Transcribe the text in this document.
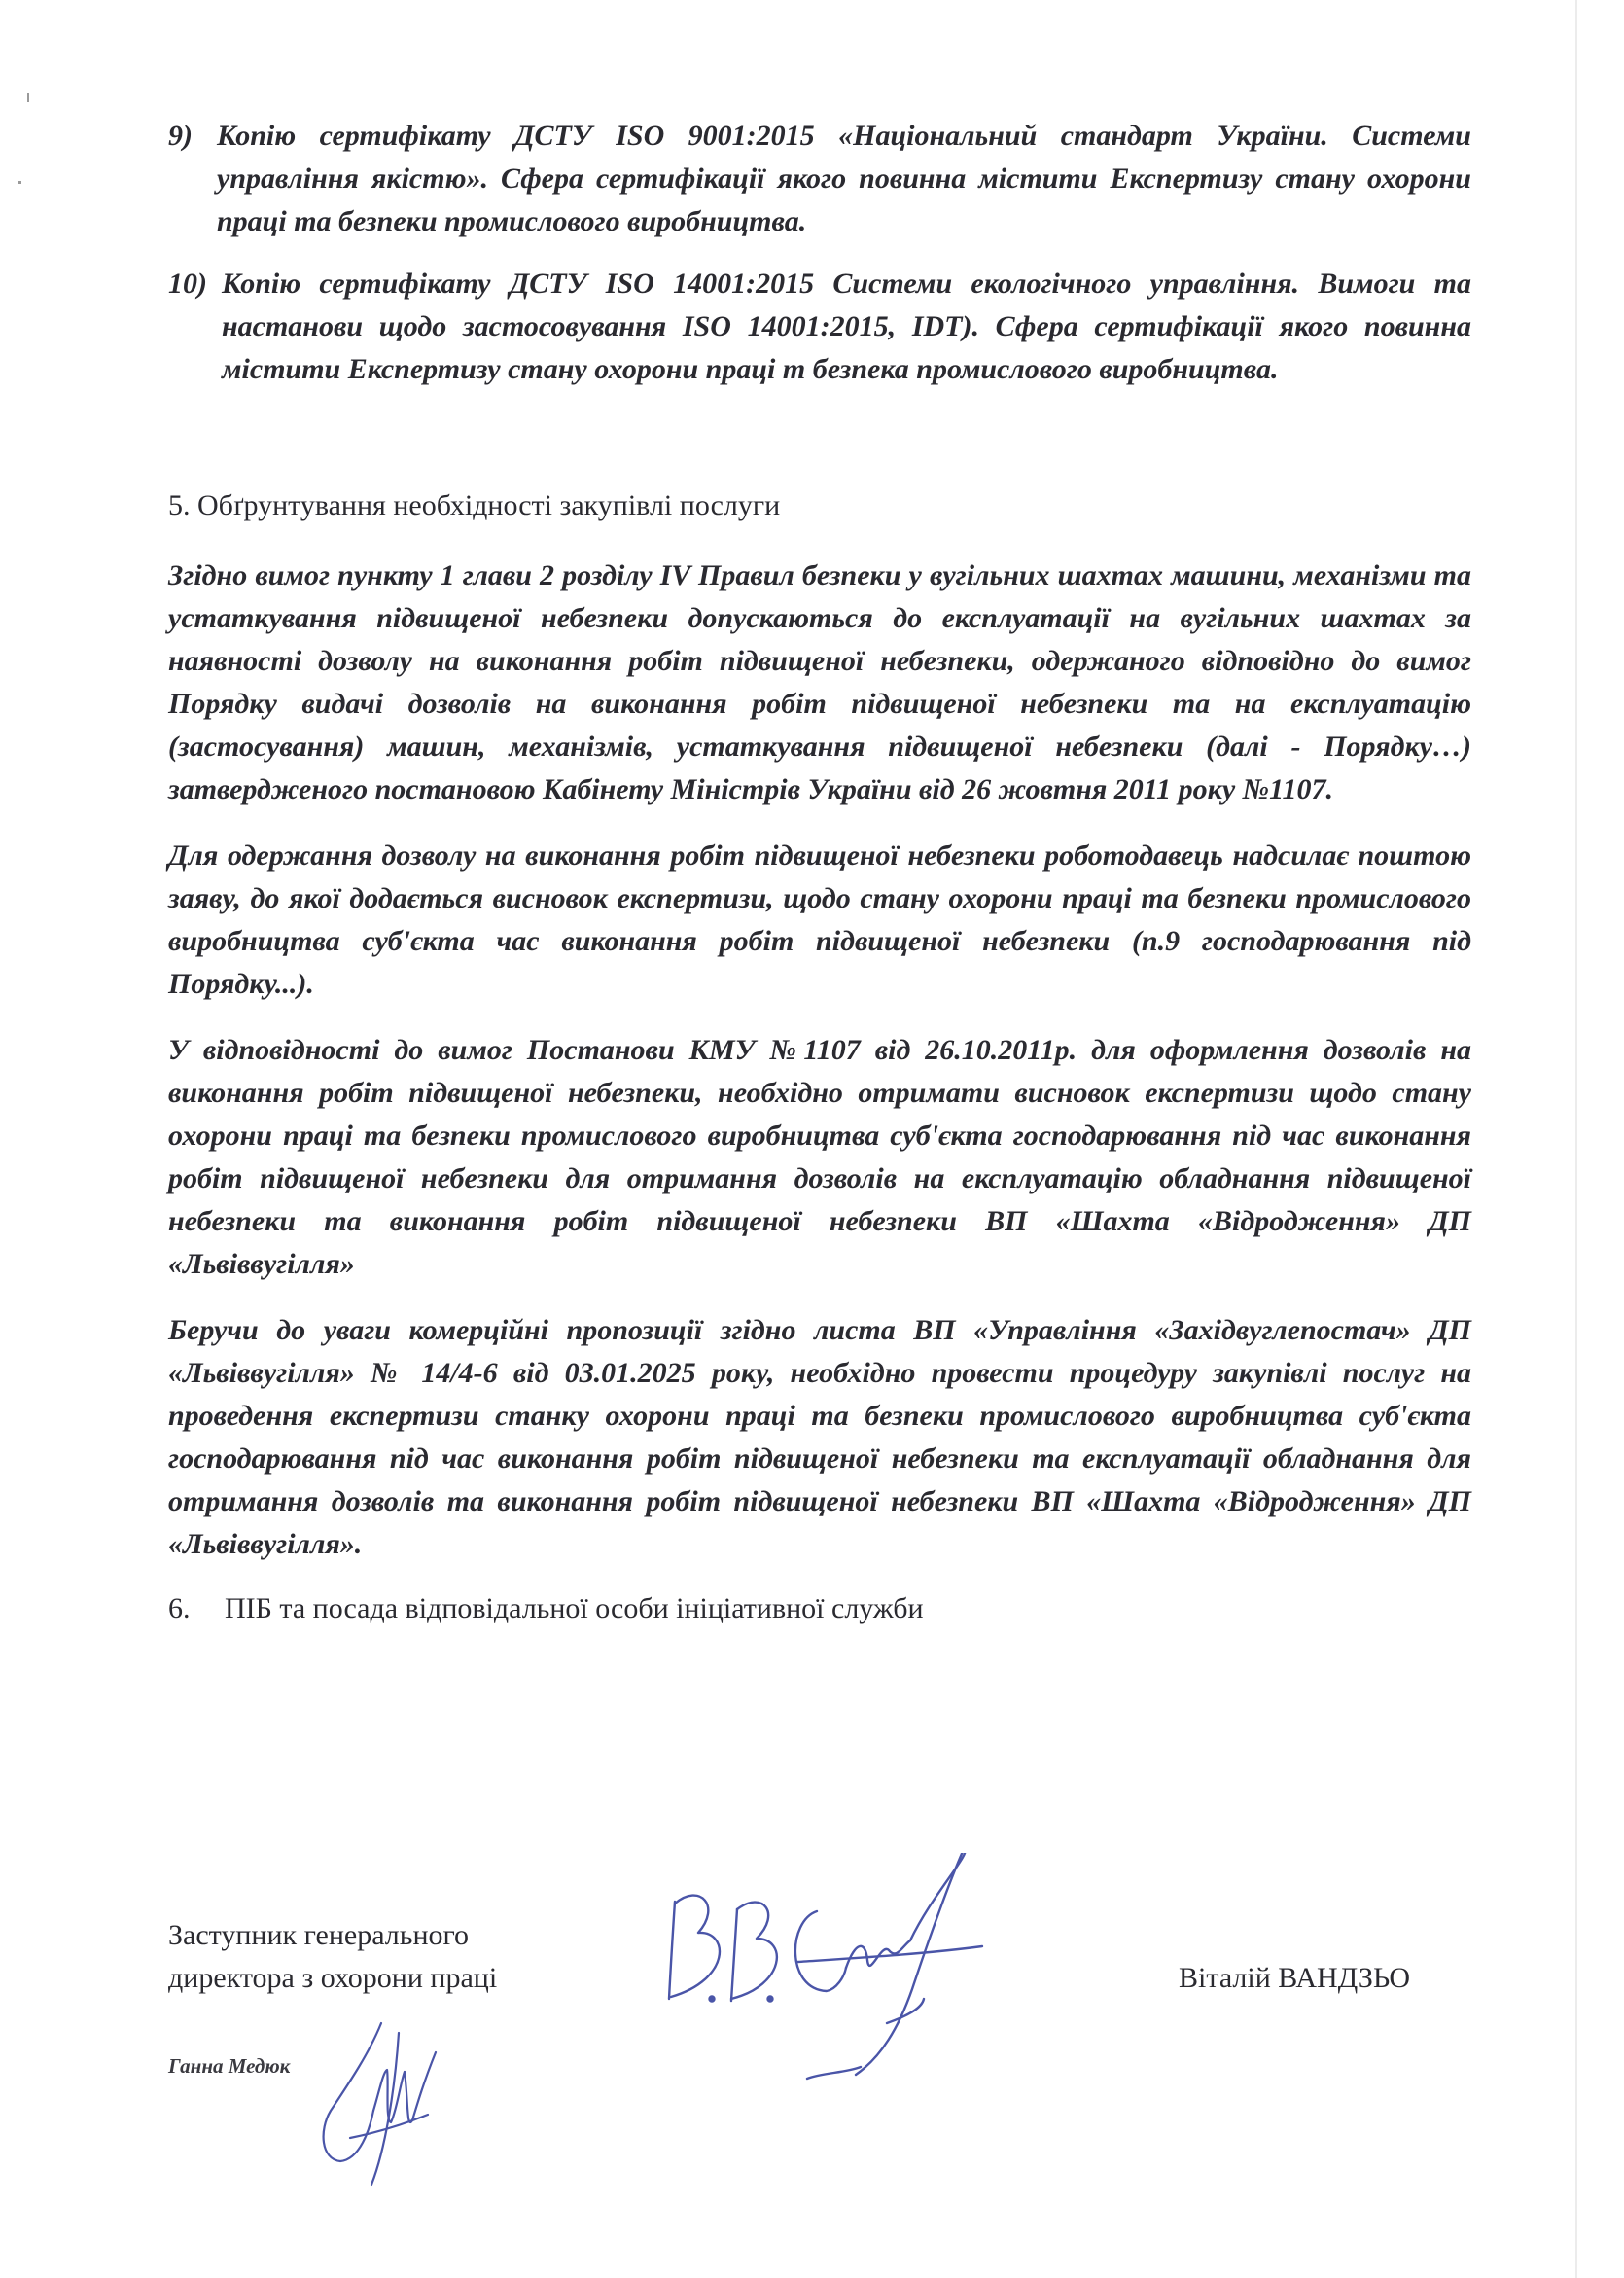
9) Копію сертифікату ДСТУ ISO 9001:2015 «Національний стандарт України. Системи управління якістю». Сфера сертифікації якого повинна містити Експертизу стану охорони праці та безпеки промислового виробництва.
10) Копію сертифікату ДСТУ ISO 14001:2015 Системи екологічного управління. Вимоги та настанови щодо застосовування ISO 14001:2015, IDT). Сфера сертифікації якого повинна містити Експертизу стану охорони праці т безпека промислового виробництва.
5. Обґрунтування необхідності закупівлі послуги

Згідно вимог пункту 1 глави 2 розділу IV Правил безпеки у вугільних шахтах машини, механізми та устаткування підвищеної небезпеки допускаються до експлуатації на вугільних шахтах за наявності дозволу на виконання робіт підвищеної небезпеки, одержаного відповідно до вимог Порядку видачі дозволів на виконання робіт підвищеної небезпеки та на експлуатацію (застосування) машин, механізмів, устаткування підвищеної небезпеки (далі - Порядку…) затвердженого постановою Кабінету Міністрів України від 26 жовтня 2011 року №1107.

Для одержання дозволу на виконання робіт підвищеної небезпеки роботодавець надсилає поштою заяву, до якої додається висновок експертизи, щодо стану охорони праці та безпеки промислового виробництва суб'єкта час виконання робіт підвищеної небезпеки (п.9 господарювання під Порядку...).

У відповідності до вимог Постанови КМУ №1107 від 26.10.2011р. для оформлення дозволів на виконання робіт підвищеної небезпеки, необхідно отримати висновок експертизи щодо стану охорони праці та безпеки промислового виробництва суб'єкта господарювання під час виконання робіт підвищеної небезпеки для отримання дозволів на експлуатацію обладнання підвищеної небезпеки та виконання робіт підвищеної небезпеки ВП «Шахта «Відродження» ДП «Львіввугілля»

Беручи до уваги комерційні пропозиції згідно листа ВП «Управління «Західвуглепостач» ДП «Львіввугілля» № 14/4-6 від 03.01.2025 року, необхідно провести процедуру закупівлі послуг на проведення експертизи станку охорони праці та безпеки промислового виробництва суб'єкта господарювання під час виконання робіт підвищеної небезпеки та експлуатації обладнання для отримання дозволів та виконання робіт підвищеної небезпеки ВП «Шахта «Відродження» ДП «Львіввугілля».

6. ПІБ та посада відповідальної особи ініціативної служби
Заступник генерального
директора з охорони праці	Віталій ВАНДЗЬО
Ганна Медюк
